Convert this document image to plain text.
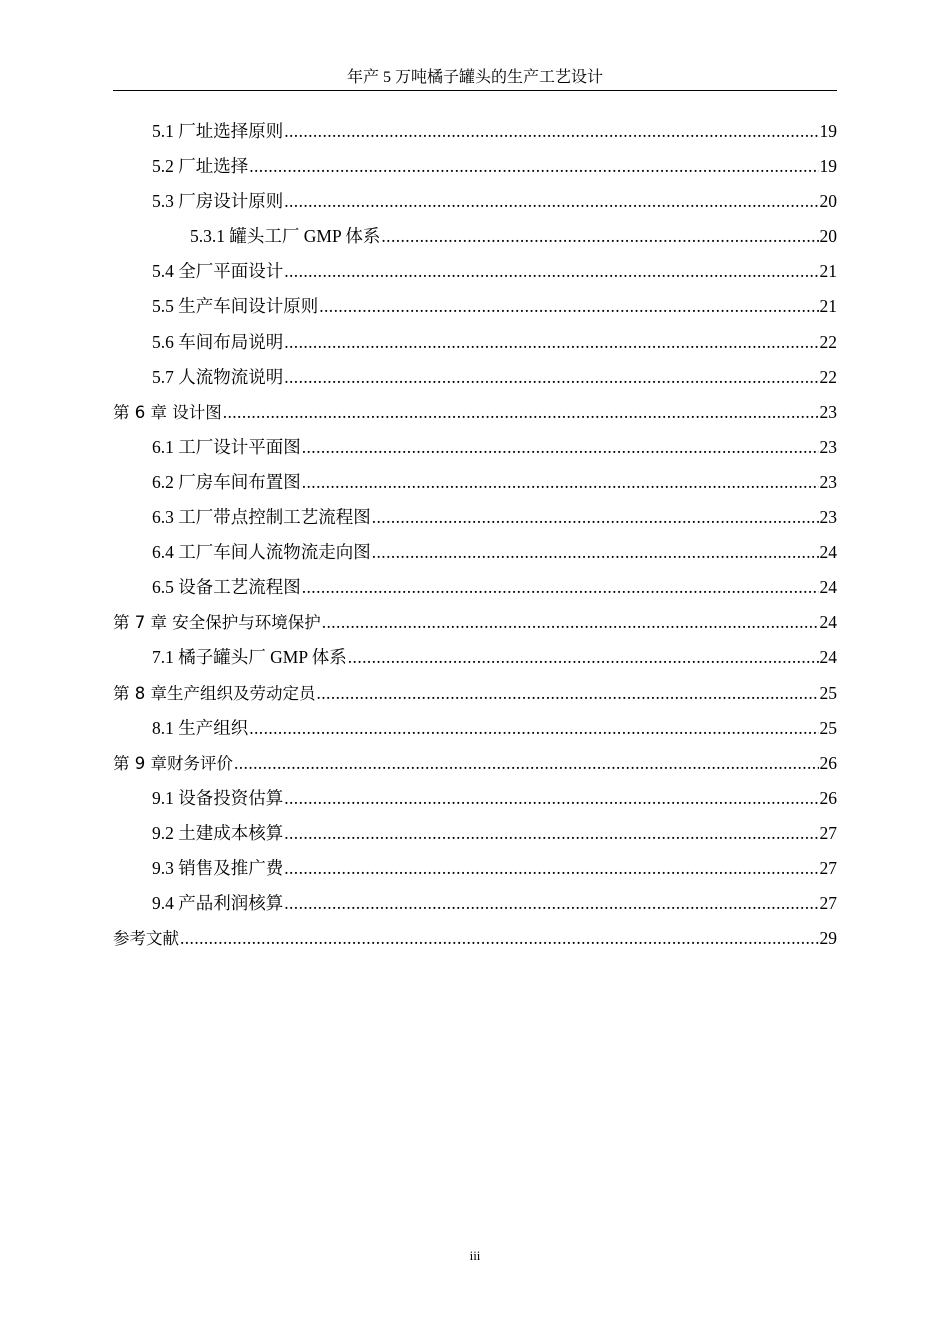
年产 5 万吨橘子罐头的生产工艺设计
5.1 厂址选择原则 .....	19
5.2 厂址选择 .....	19
5.3 厂房设计原则 .....	20
5.3.1 罐头工厂 GMP 体系 .....	20
5.4 全厂平面设计 .....	21
5.5 生产车间设计原则 .....	21
5.6 车间布局说明 .....	22
5.7 人流物流说明 .....	22
第 6 章 设计图 .....	23
6.1 工厂设计平面图 .....	23
6.2 厂房车间布置图 .....	23
6.3 工厂带点控制工艺流程图 .....	23
6.4 工厂车间人流物流走向图 .....	24
6.5 设备工艺流程图 .....	24
第 7 章 安全保护与环境保护 .....	24
7.1 橘子罐头厂 GMP 体系 .....	24
第 8 章生产组织及劳动定员 .....	25
8.1 生产组织 .....	25
第 9 章财务评价 .....	26
9.1 设备投资估算 .....	26
9.2 土建成本核算 .....	27
9.3 销售及推广费 .....	27
9.4 产品利润核算 .....	27
参考文献 .....	29
iii
